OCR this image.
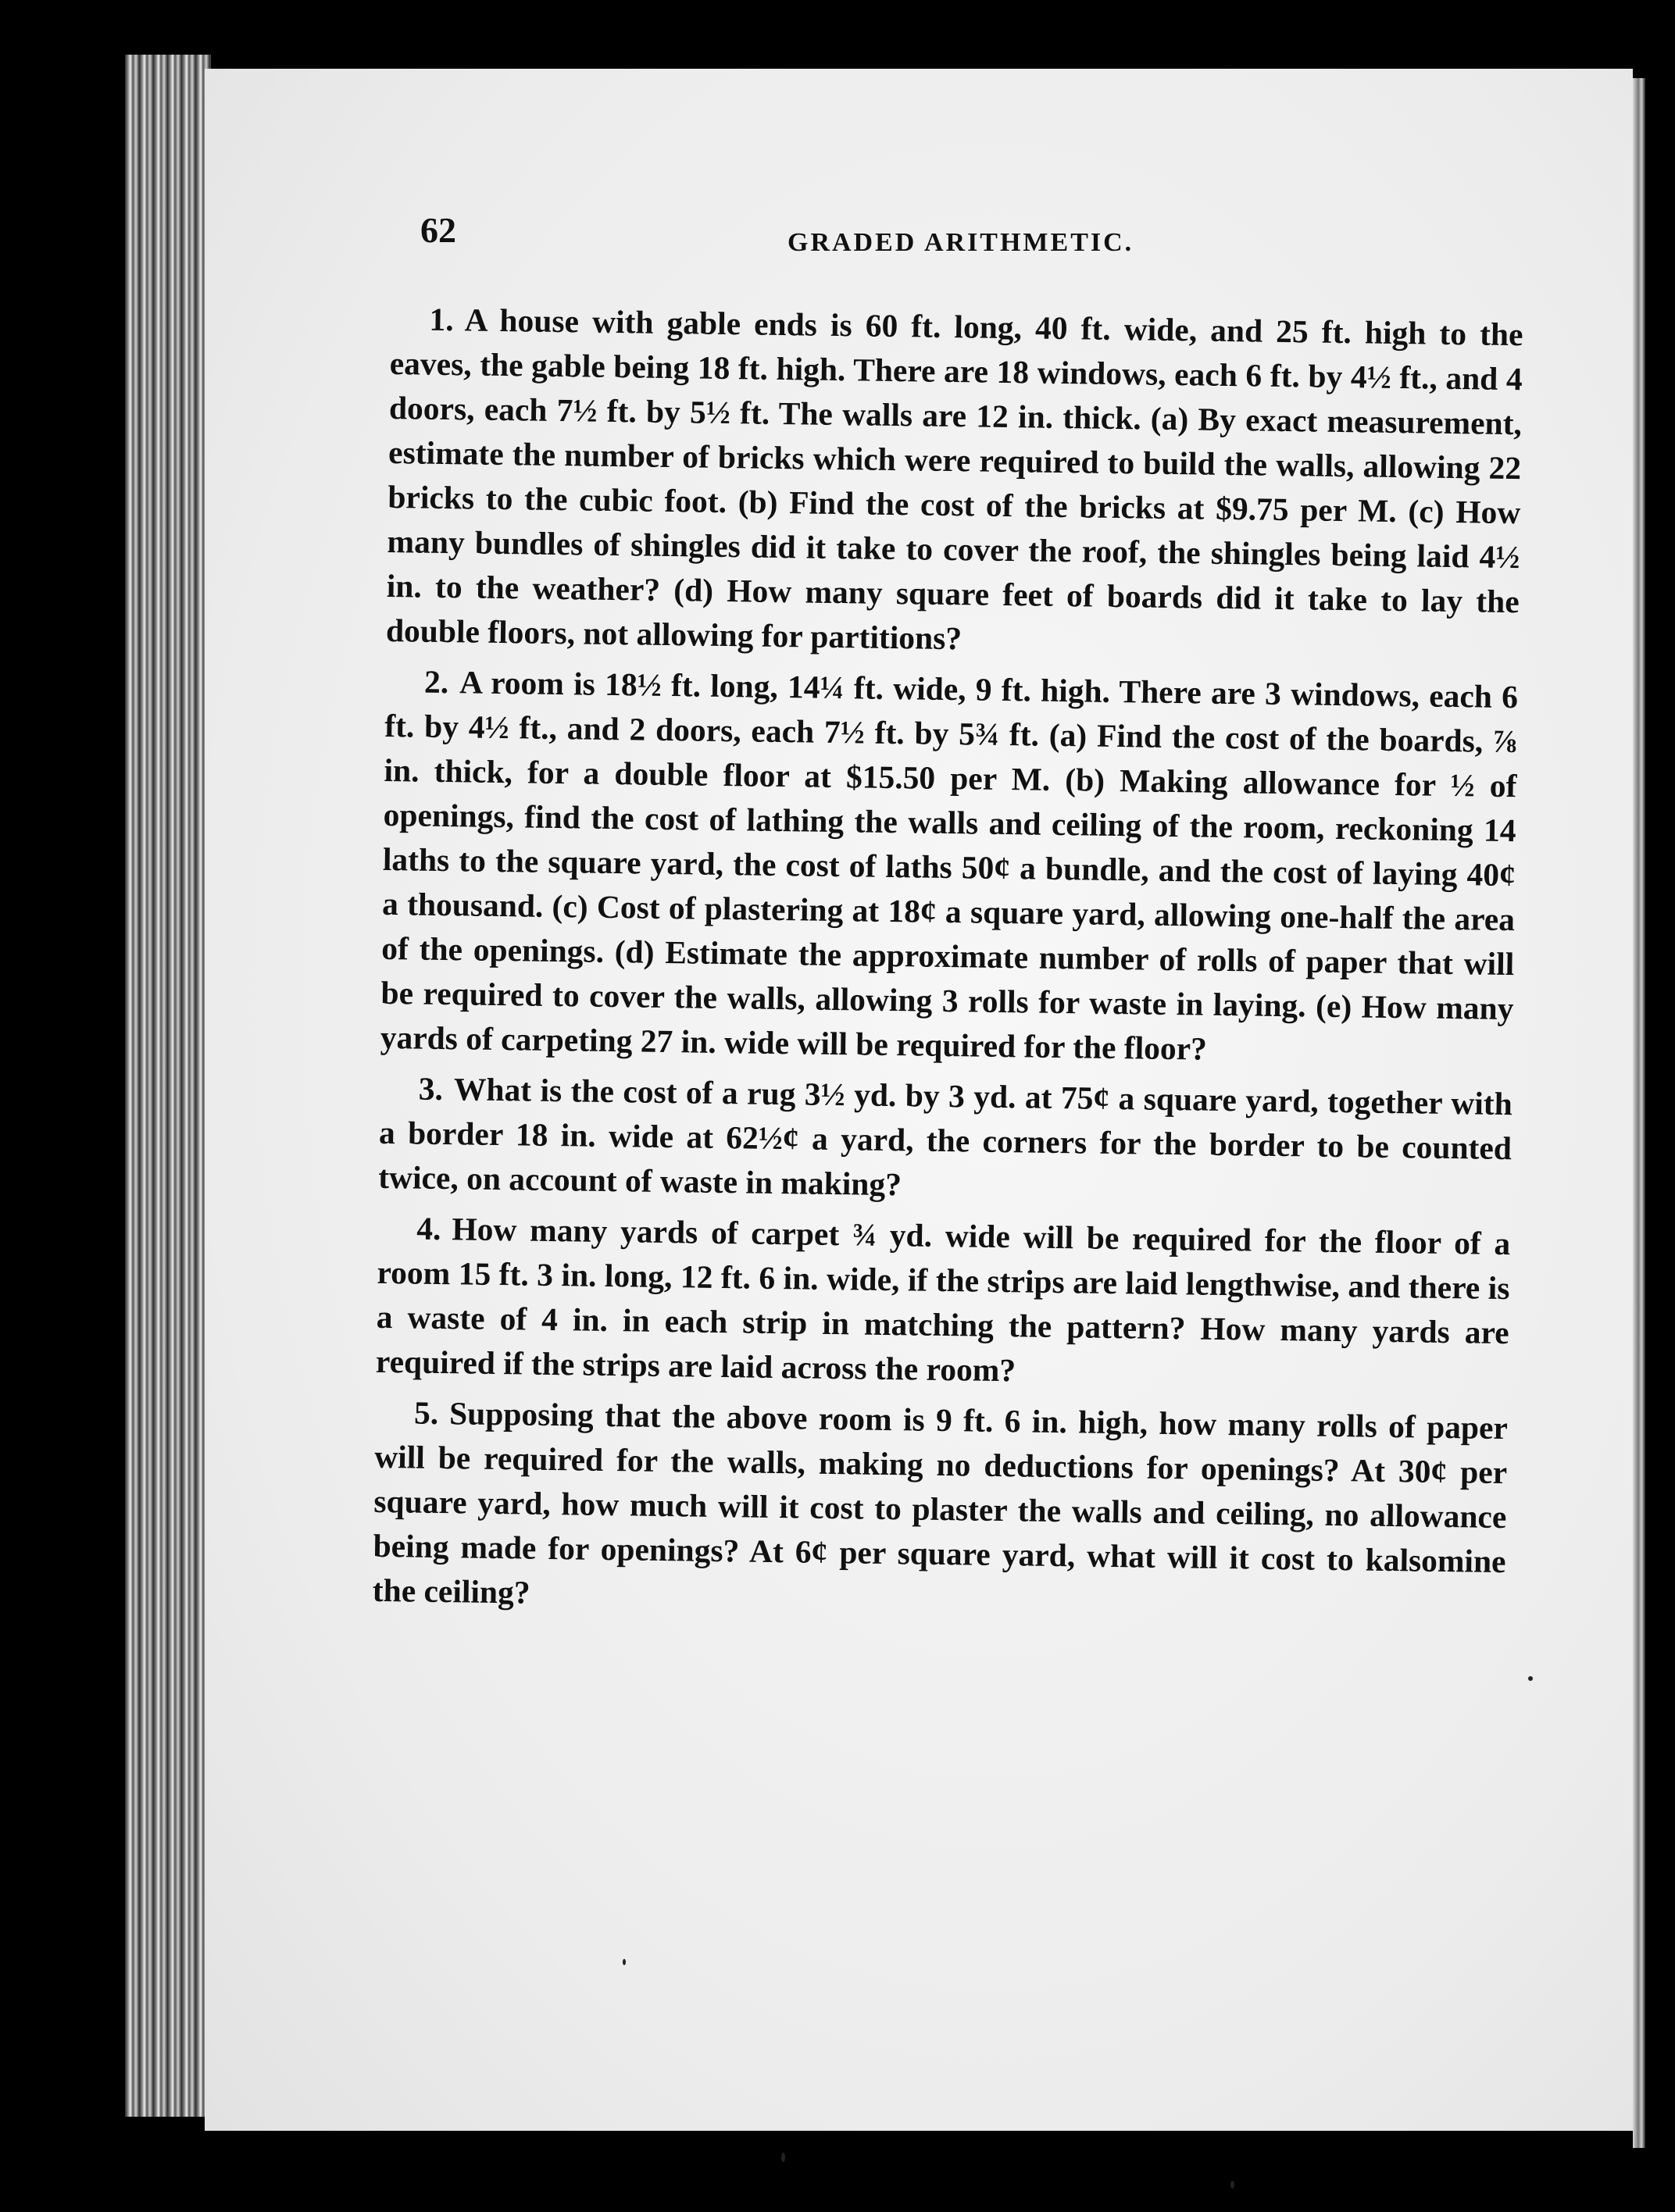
62	GRADED ARITHMETIC.

1. A house with gable ends is 60 ft. long, 40 ft. wide, and 25 ft. high to the eaves, the gable being 18 ft. high. There are 18 windows, each 6 ft. by 4½ ft., and 4 doors, each 7½ ft. by 5½ ft. The walls are 12 in. thick. (a) By exact measurement, estimate the number of bricks which were required to build the walls, allowing 22 bricks to the cubic foot. (b) Find the cost of the bricks at $9.75 per M. (c) How many bundles of shingles did it take to cover the roof, the shingles being laid 4½ in. to the weather? (d) How many square feet of boards did it take to lay the double floors, not allowing for partitions?

2. A room is 18½ ft. long, 14¼ ft. wide, 9 ft. high. There are 3 windows, each 6 ft. by 4½ ft., and 2 doors, each 7½ ft. by 5¾ ft. (a) Find the cost of the boards, ⅞ in. thick, for a double floor at $15.50 per M. (b) Making allowance for ½ of openings, find the cost of lathing the walls and ceiling of the room, reckoning 14 laths to the square yard, the cost of laths 50¢ a bundle, and the cost of laying 40¢ a thousand. (c) Cost of plastering at 18¢ a square yard, allowing one-half the area of the openings. (d) Estimate the approximate number of rolls of paper that will be required to cover the walls, allowing 3 rolls for waste in laying. (e) How many yards of carpeting 27 in. wide will be required for the floor?

3. What is the cost of a rug 3½ yd. by 3 yd. at 75¢ a square yard, together with a border 18 in. wide at 62½¢ a yard, the corners for the border to be counted twice, on account of waste in making?

4. How many yards of carpet ¾ yd. wide will be required for the floor of a room 15 ft. 3 in. long, 12 ft. 6 in. wide, if the strips are laid lengthwise, and there is a waste of 4 in. in each strip in matching the pattern? How many yards are required if the strips are laid across the room?

5. Supposing that the above room is 9 ft. 6 in. high, how many rolls of paper will be required for the walls, making no deductions for openings? At 30¢ per square yard, how much will it cost to plaster the walls and ceiling, no allowance being made for openings? At 6¢ per square yard, what will it cost to kalsomine the ceiling?
